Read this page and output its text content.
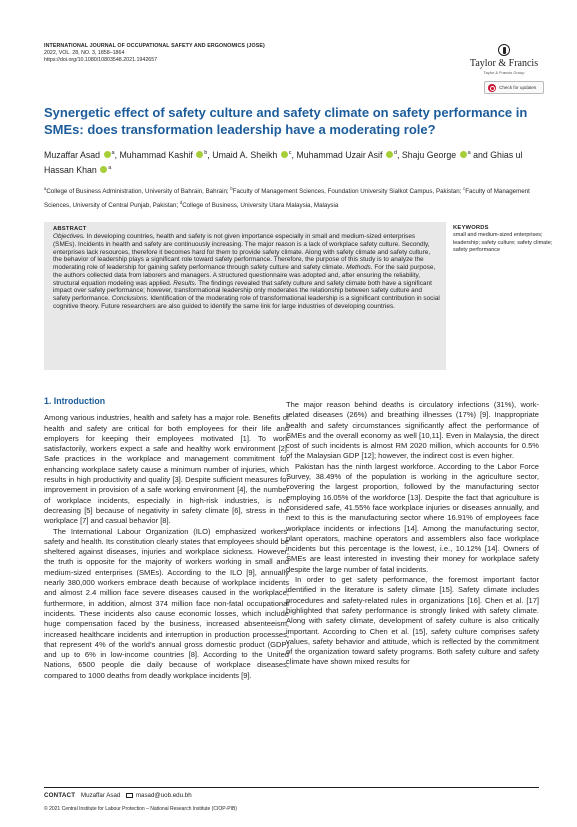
INTERNATIONAL JOURNAL OF OCCUPATIONAL SAFETY AND ERGONOMICS (JOSE)
2022, VOL. 28, NO. 3, 1858–1864
https://doi.org/10.1080/10803548.2021.1942657	Taylor & Francis
Taylor & Francis Group
Check for updates
Synergetic effect of safety culture and safety climate on safety performance in SMEs: does transformation leadership have a moderating role?
Muzaffar Asad $^a$, Muhammad Kashif $^b$, Umaid A. Sheikh $^c$, Muhammad Uzair Asif $^d$, Shaju George $^a$ and Ghias ul Hassan Khan $^a$
$^a$College of Business Administration, University of Bahrain, Bahrain; $^b$Faculty of Management Sciences, Foundation University Sialkot Campus, Pakistan; $^c$Faculty of Management Sciences, University of Central Punjab, Pakistan; $^d$College of Business, University Utara Malaysia, Malaysia
ABSTRACT
Objectives. In developing countries, health and safety is not given importance especially in small and medium-sized enterprises (SMEs). Incidents in health and safety are continuously increasing. The major reason is a lack of workplace safety culture. Secondly, enterprises lack resources, therefore it becomes hard for them to provide safety climate. Along with safety climate and safety culture, the behavior of leadership plays a significant role toward safety performance. Therefore, the purpose of this study is to analyze the moderating role of leadership for gaining safety performance through safety culture and safety climate. Methods. For the said purpose, the authors collected data from laborers and managers. A structured questionnaire was adopted and, after ensuring the reliability, structural equation modeling was applied. Results. The findings revealed that safety culture and safety climate both have a significant impact over safety performance; however, transformational leadership only moderates the relationship between safety culture and safety performance. Conclusions. Identification of the moderating role of transformational leadership is a significant contribution in social cognitive theory. Future researchers are also guided to identify the same link for large industries of developing countries.
KEYWORDS
small and medium-sized enterprises; leadership; safety culture; safety climate; safety performance
1. Introduction

Among various industries, health and safety has a major role. Benefits of health and safety are critical for both employees for their life and employers for keeping their employees motivated [1]. To work satisfactorily, workers expect a safe and healthy work environment [2]. Safe practices in the workplace and management commitment for enhancing workplace safety cause a minimum number of injuries, which results in high productivity and quality [3]. Despite sufficient measures for improvement in provision of a safe working environment [4], the number of workplace incidents, especially in high-risk industries, is not decreasing [5] because of negativity in safety climate [6], stress in the workplace [7] and casual behavior [8].

The International Labour Organization (ILO) emphasized workers’ safety and health. Its constitution clearly states that employees should be sheltered against diseases, injuries and workplace sickness. However, the truth is opposite for the majority of workers working in small and medium-sized enterprises (SMEs). According to the ILO [9], annually nearly 380,000 workers embrace death because of workplace incidents and almost 2.4 million face severe diseases caused in the workplace; furthermore, in addition, almost 374 million face non-fatal occupational incidents. These incidents also cause economic losses, which include huge compensation faced by the business, increased absenteeism, increased healthcare incidents and interruption in production processes, that represent 4% of the world’s annual gross domestic product (GDP) and up to 6% in low-income countries [8]. According to the United Nations, 6500 people die daily because of workplace diseases, compared to 1000 deaths from deadly workplace incidents [9].

The major reason behind deaths is circulatory infections (31%), work-related diseases (26%) and breathing illnesses (17%) [9]. Inappropriate health and safety circumstances significantly affect the performance of SMEs and the overall economy as well [10,11]. Even in Malaysia, the direct cost of such incidents is almost RM 2020 million, which accounts for 0.5% of the Malaysian GDP [12]; however, the indirect cost is even higher.

Pakistan has the ninth largest workforce. According to the Labor Force Survey, 38.49% of the population is working in the agriculture sector, covering the largest proportion, followed by the manufacturing sector employing 16.05% of the workforce [13]. Despite the fact that agriculture is considered safe, 41.55% face workplace injuries or diseases annually, and next to this is the manufacturing sector where 16.91% of employees face workplace incidents or infections [14]. Among the manufacturing sector, plant operators, machine operators and assemblers also face workplace incidents but this percentage is the lowest, i.e., 10.12% [14]. Owners of SMEs are least interested in investing their money for workplace safety despite the large number of fatal incidents.

In order to get safety performance, the foremost important factor identified in the literature is safety climate [15]. Safety climate includes procedures and safety-related rules in organizations [16]. Chen et al. [17] highlighted that safety performance is strongly linked with safety climate. Along with safety climate, development of safety culture is also critically important. According to Chen et al. [15], safety culture comprises safety values, safety behavior and attitude, which is reflected by the commitment of the organization toward safety programs. Both safety culture and safety climate have shown mixed results for

CONTACT Muzaffar Asad masad@uob.edu.bh
© 2021 Central Institute for Labour Protection – National Research Institute (CIOP-PIB)
